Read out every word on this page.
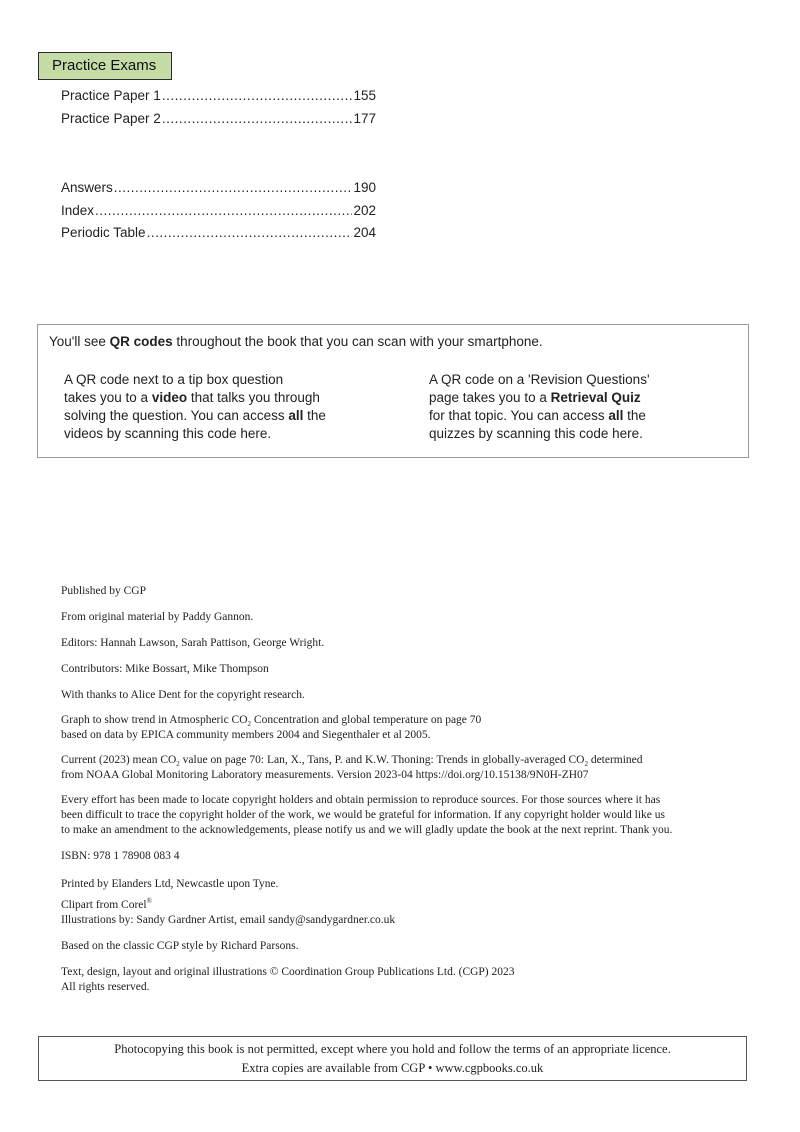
Practice Exams
Practice Paper 1 .....	155
Practice Paper 2 .....	177
Answers .....	190
Index .....	202
Periodic Table .....	204
You'll see QR codes throughout the book that you can scan with your smartphone.
A QR code next to a tip box question
takes you to a video that talks you through
solving the question. You can access all the
videos by scanning this code here.
A QR code on a 'Revision Questions'
page takes you to a Retrieval Quiz
for that topic. You can access all the
quizzes by scanning this code here.

Published by CGP

From original material by Paddy Gannon.

Editors: Hannah Lawson, Sarah Pattison, George Wright.

Contributors: Mike Bossart, Mike Thompson

With thanks to Alice Dent for the copyright research.

Graph to show trend in Atmospheric $CO_2$ Concentration and global temperature on page 70

based on data by EPICA community members 2004 and Siegenthaler et al 2005.

Current (2023) mean $CO_2$ value on page 70: Lan, X., Tans, P. and K.W. Thoning: Trends in globally-averaged $CO_2$ determined

from NOAA Global Monitoring Laboratory measurements. Version 2023-04 https://doi.org/10.15138/9N0H-ZH07

Every effort has been made to locate copyright holders and obtain permission to reproduce sources. For those sources where it has

been difficult to trace the copyright holder of the work, we would be grateful for information. If any copyright holder would like us

to make an amendment to the acknowledgements, please notify us and we will gladly update the book at the next reprint. Thank you.

ISBN: 978 1 78908 083 4

Printed by Elanders Ltd, Newcastle upon Tyne.

Clipart from Corel®

Illustrations by: Sandy Gardner Artist, email sandy@sandygardner.co.uk

Based on the classic CGP style by Richard Parsons.

Text, design, layout and original illustrations © Coordination Group Publications Ltd. (CGP) 2023

All rights reserved.

Photocopying this book is not permitted, except where you hold and follow the terms of an appropriate licence.
Extra copies are available from CGP • www.cgpbooks.co.uk
